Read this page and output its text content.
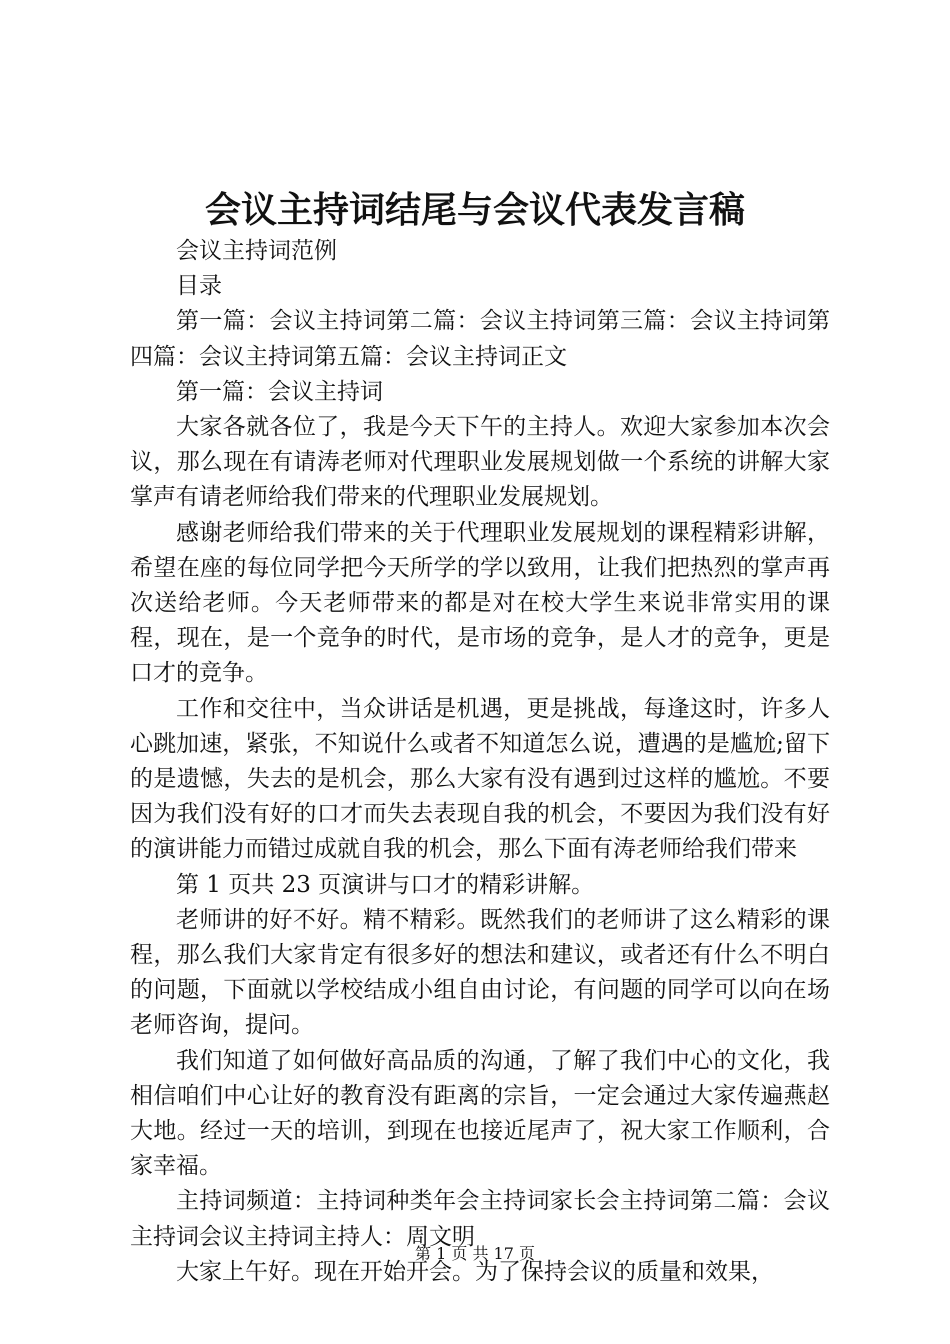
会议主持词结尾与会议代表发言稿

会议主持词范例

目录

第一篇：会议主持词第二篇：会议主持词第三篇：会议主持词第四篇：会议主持词第五篇：会议主持词正文

第一篇：会议主持词

大家各就各位了，我是今天下午的主持人。欢迎大家参加本次会议，那么现在有请涛老师对代理职业发展规划做一个系统的讲解大家掌声有请老师给我们带来的代理职业发展规划。

感谢老师给我们带来的关于代理职业发展规划的课程精彩讲解，希望在座的每位同学把今天所学的学以致用，让我们把热烈的掌声再次送给老师。今天老师带来的都是对在校大学生来说非常实用的课程，现在，是一个竞争的时代，是市场的竞争，是人才的竞争，更是口才的竞争。

工作和交往中，当众讲话是机遇，更是挑战，每逢这时，许多人心跳加速，紧张，不知说什么或者不知道怎么说，遭遇的是尴尬;留下的是遗憾，失去的是机会，那么大家有没有遇到过这样的尴尬。不要因为我们没有好的口才而失去表现自我的机会，不要因为我们没有好的演讲能力而错过成就自我的机会，那么下面有涛老师给我们带来

第 1 页共 23 页演讲与口才的精彩讲解。

老师讲的好不好。精不精彩。既然我们的老师讲了这么精彩的课程，那么我们大家肯定有很多好的想法和建议，或者还有什么不明白的问题，下面就以学校结成小组自由讨论，有问题的同学可以向在场老师咨询，提问。

我们知道了如何做好高品质的沟通，了解了我们中心的文化，我相信咱们中心让好的教育没有距离的宗旨，一定会通过大家传遍燕赵大地。经过一天的培训，到现在也接近尾声了，祝大家工作顺利，合家幸福。

主持词频道：主持词种类年会主持词家长会主持词第二篇：会议主持词会议主持词主持人：周文明

大家上午好。现在开始开会。为了保持会议的质量和效果，

第 1 页 共 17 页
